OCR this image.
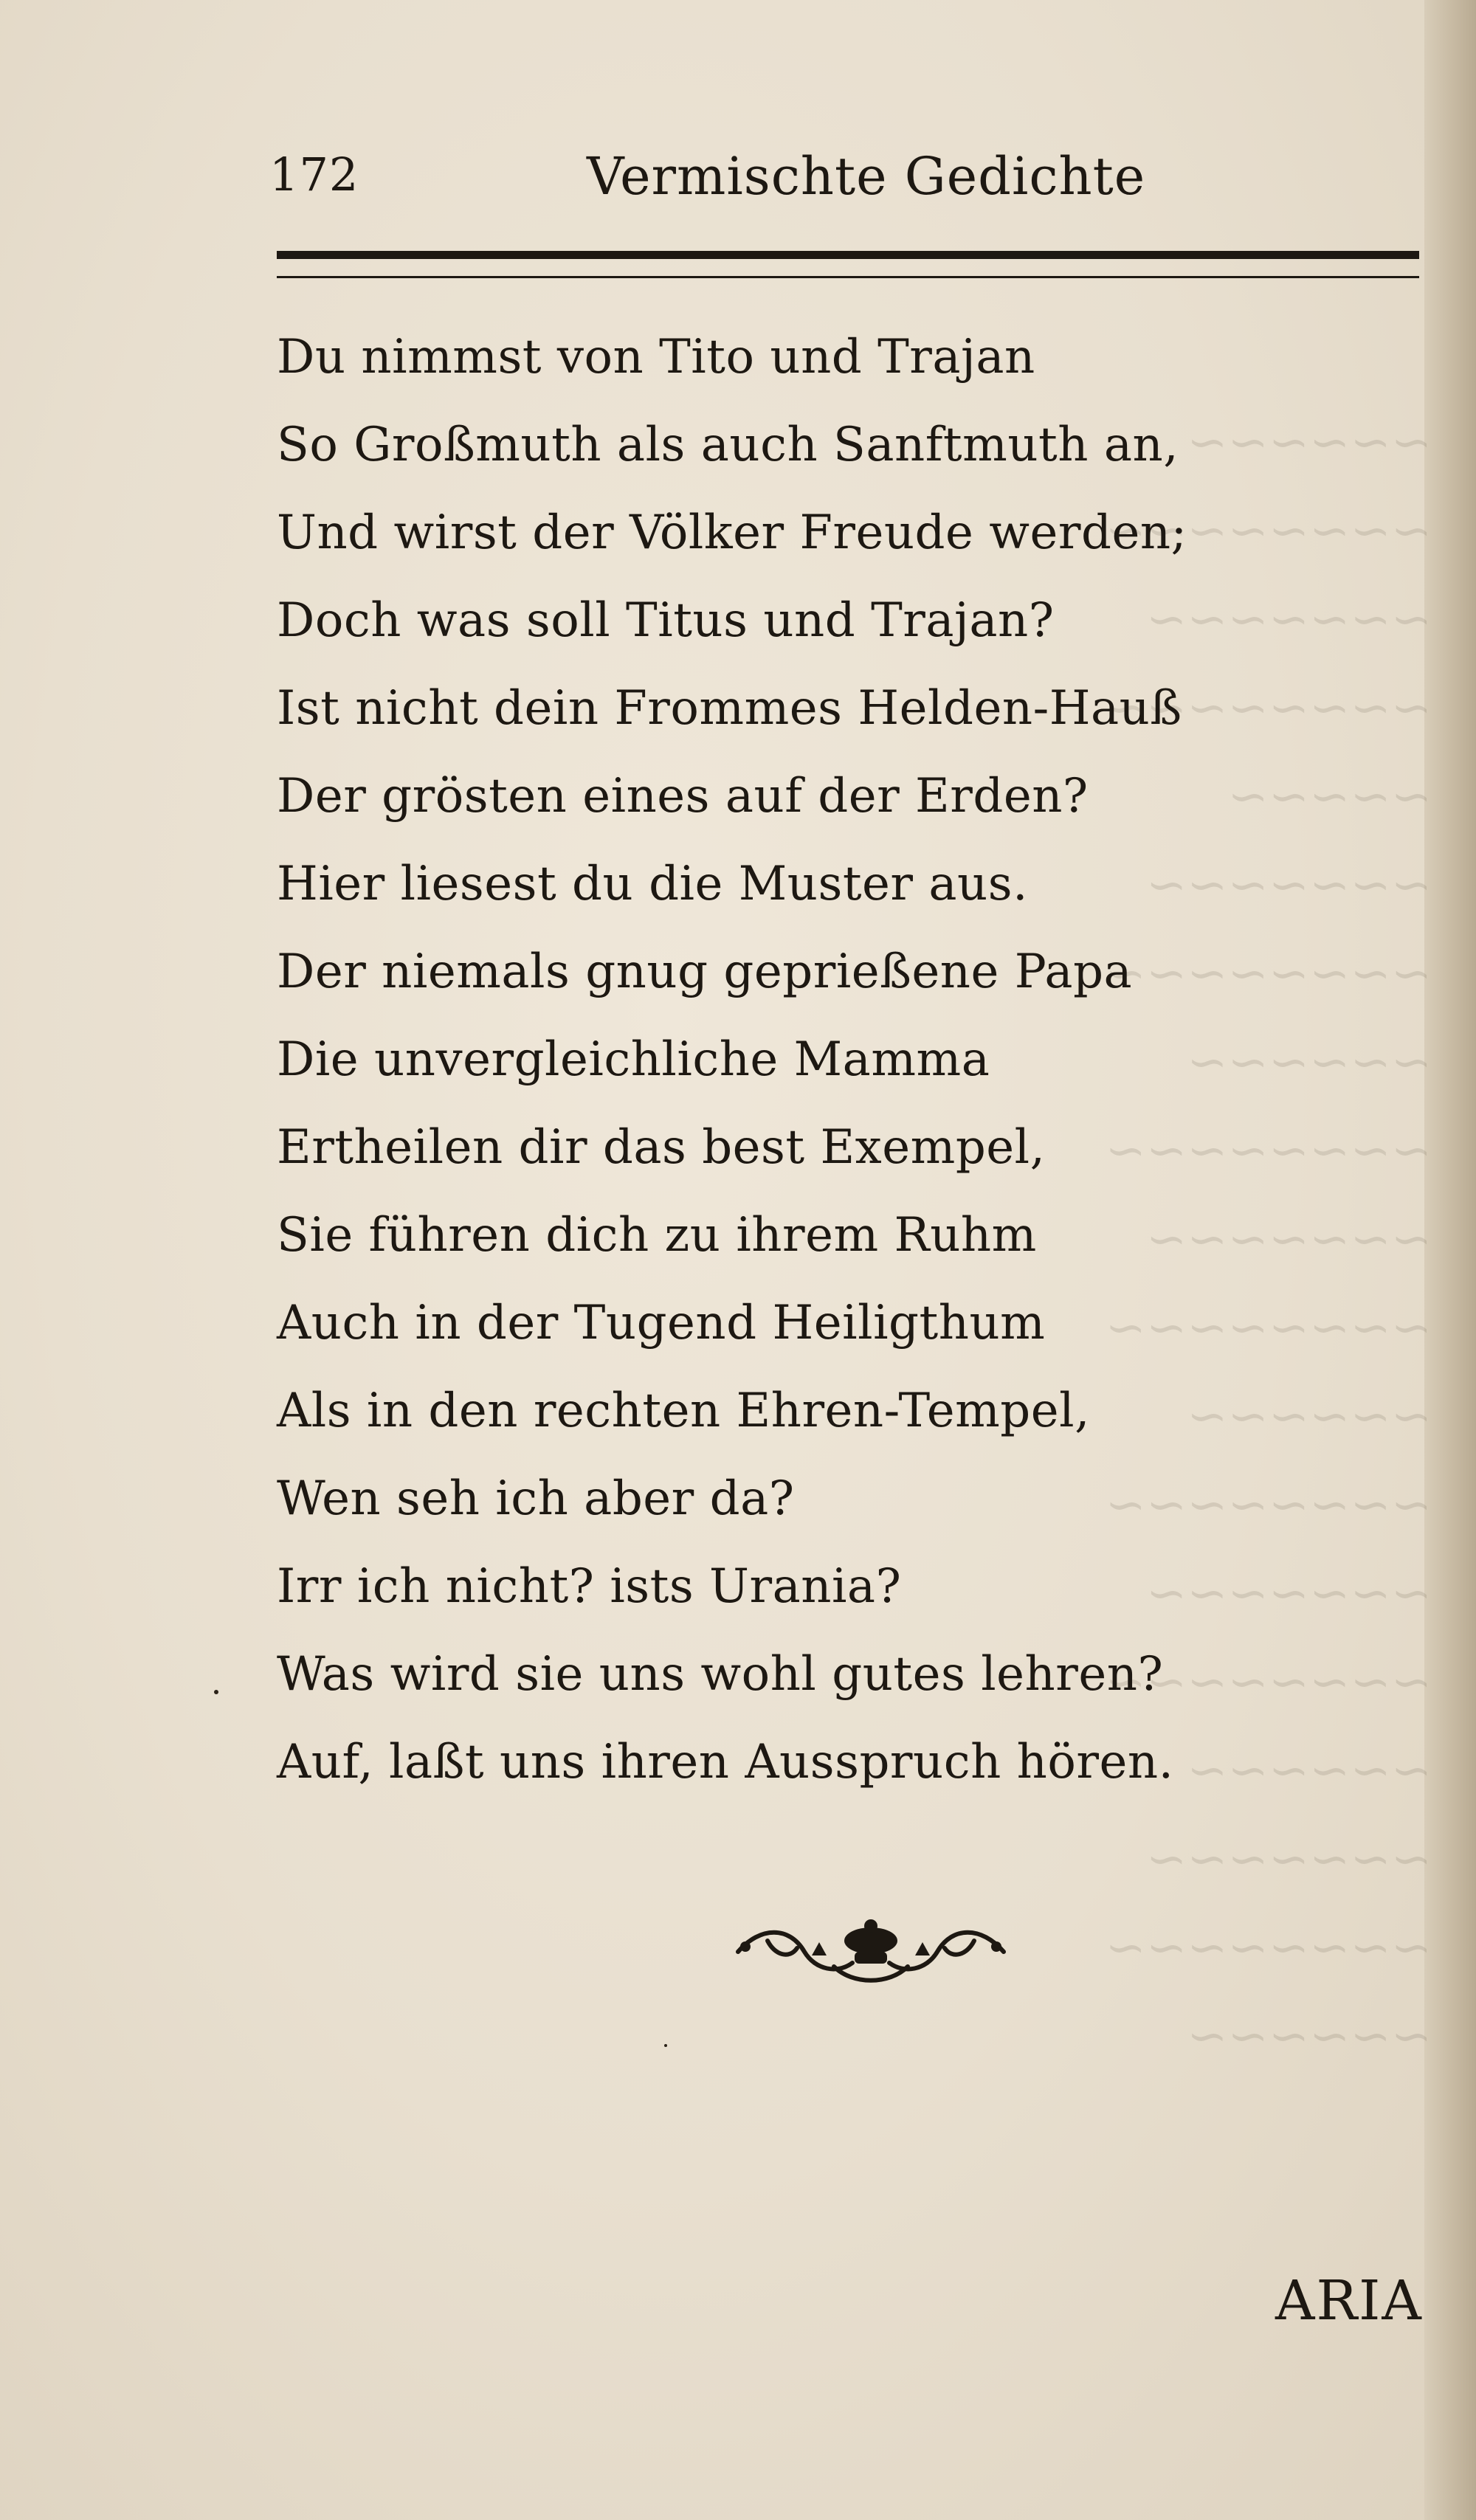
~~~~~~
~~~~~~~~
~~~~~~~
~~~~~~~~
~~~~~
~~~~~~~
~~~~~~~~
~~~~~~
~~~~~~~~
~~~~~~~
~~~~~~~~
~~~~~~
~~~~~~~~
~~~~~~~
~~~~~~~~
~~~~~~
~~~~~~~
~~~~~~~~
~~~~~~
172	Vermischte Gedichte
Du nimmst von Tito und Trajan
So Großmuth als auch Sanftmuth an,
Und wirst der Völker Freude werden;
Doch was soll Titus und Trajan?
Ist nicht dein Frommes Helden-Hauß
Der grösten eines auf der Erden?
Hier liesest du die Muster aus.
Der niemals gnug geprießene Papa
Die unvergleichliche Mamma
Ertheilen dir das best Exempel,
Sie führen dich zu ihrem Ruhm
Auch in der Tugend Heiligthum
Als in den rechten Ehren-Tempel,
Wen seh ich aber da?
Irr ich nicht? ists Urania?
Was wird sie uns wohl gutes lehren?
Auf, laßt uns ihren Ausspruch hören.
ARIA
